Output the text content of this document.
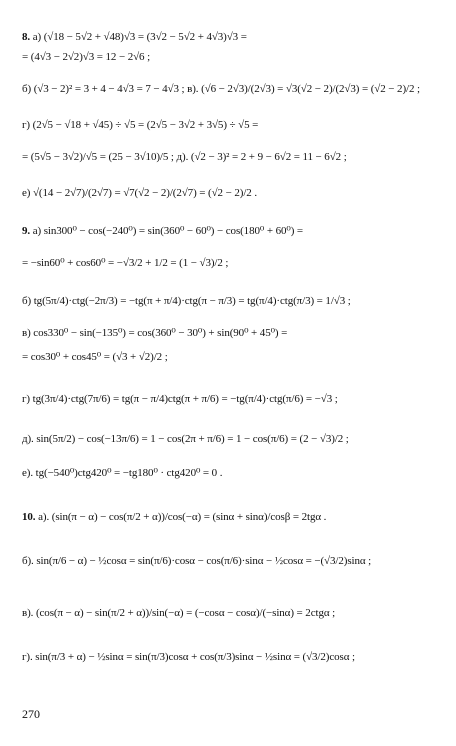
8. а) (√18 − 5√2 + √48)√3 = (3√2 − 5√2 + 4√3)√3 =
= (4√3 − 2√2)√3 = 12 − 2√6 ;
б) (√3 − 2)² = 3 + 4 − 4√3 = 7 − 4√3 ; в). (√6 − 2√3)/(2√3) = √3(√2 − 2)/(2√3) = (√2 − 2)/2 ;
г) (2√5 − √18 + √45) ÷ √5 = (2√5 − 3√2 + 3√5) ÷ √5 =
= (5√5 − 3√2)/√5 = (25 − 3√10)/5 ; д). (√2 − 3)² = 2 + 9 − 6√2 = 11 − 6√2 ;
е) √(14 − 2√7)/(2√7) = √7(√2 − 2)/(2√7) = (√2 − 2)/2 .
9. а) sin300⁰ − cos(−240⁰) = sin(360⁰ − 60⁰) − cos(180⁰ + 60⁰) =
= −sin60⁰ + cos60⁰ = −√3/2 + 1/2 = (1 − √3)/2 ;
б) tg(5π/4)·ctg(−2π/3) = −tg(π + π/4)·ctg(π − π/3) = tg(π/4)·ctg(π/3) = 1/√3 ;
в) cos330⁰ − sin(−135⁰) = cos(360⁰ − 30⁰) + sin(90⁰ + 45⁰) =
= cos30⁰ + cos45⁰ = (√3 + √2)/2 ;
г) tg(3π/4)·ctg(7π/6) = tg(π − π/4)ctg(π + π/6) = −tg(π/4)·ctg(π/6) = −√3 ;
д). sin(5π/2) − cos(−13π/6) = 1 − cos(2π + π/6) = 1 − cos(π/6) = (2 − √3)/2 ;
е). tg(−540⁰)ctg420⁰ = −tg180⁰ · ctg420⁰ = 0 .
10. а). (sin(π − α) − cos(π/2 + α))/cos(−α) = (sinα + sinα)/cosβ = 2tgα .
б). sin(π/6 − α) − ½cosα = sin(π/6)·cosα − cos(π/6)·sinα − ½cosα = −(√3/2)sinα ;
в). (cos(π − α) − sin(π/2 + α))/sin(−α) = (−cosα − cosα)/(−sinα) = 2ctgα ;
г). sin(π/3 + α) − ½sinα = sin(π/3)cosα + cos(π/3)sinα − ½sinα = (√3/2)cosα ;
270
